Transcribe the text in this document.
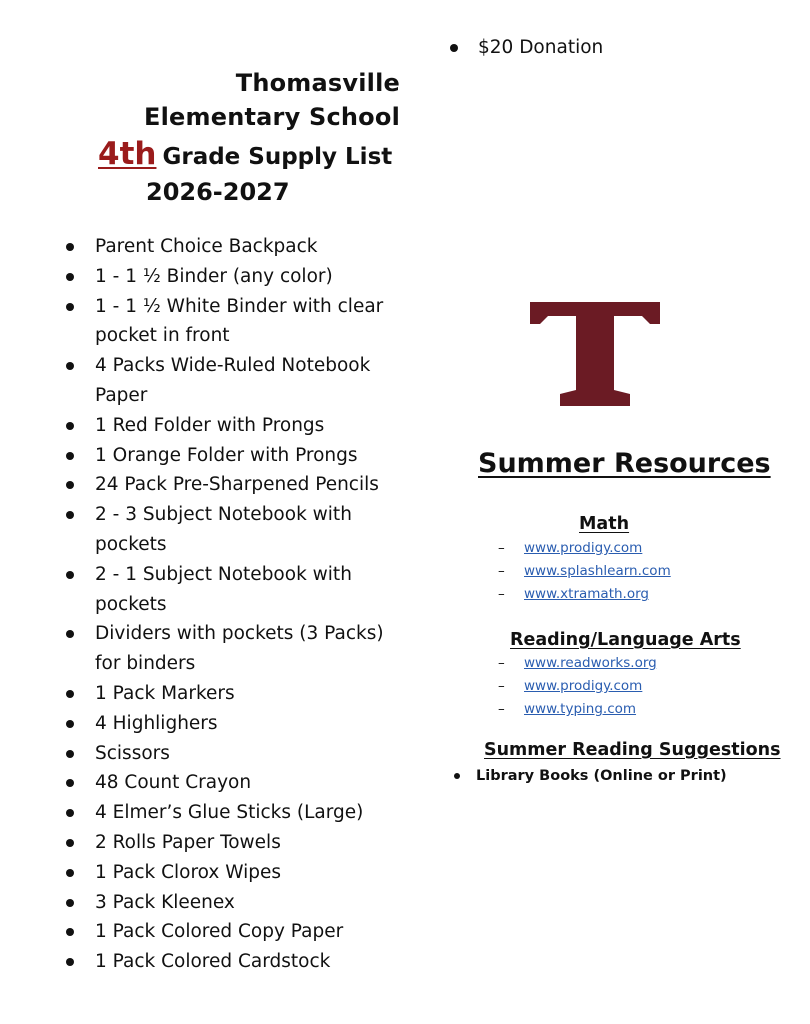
Thomasville Elementary School
4th Grade Supply List
2026-2027
Parent Choice Backpack
1 - 1 ½ Binder (any color)
1 - 1 ½ White Binder with clear pocket in front
4 Packs Wide-Ruled Notebook Paper
1 Red Folder with Prongs
1 Orange Folder with Prongs
24 Pack Pre-Sharpened Pencils
2 - 3 Subject Notebook with pockets
2 - 1 Subject Notebook with pockets
Dividers with pockets (3 Packs) for binders
1 Pack Markers
4 Highlighers
Scissors
48 Count Crayon
4 Elmer’s Glue Sticks (Large)
2 Rolls Paper Towels
1 Pack Clorox Wipes
3 Pack Kleenex
1 Pack Colored Copy Paper
1 Pack Colored Cardstock
$20 Donation
Summer Resources
Math
– www.prodigy.com
– www.splashlearn.com
– www.xtramath.org
Reading/Language Arts
– www.readworks.org
– www.prodigy.com
– www.typing.com
Summer Reading Suggestions
Library Books (Online or Print)
